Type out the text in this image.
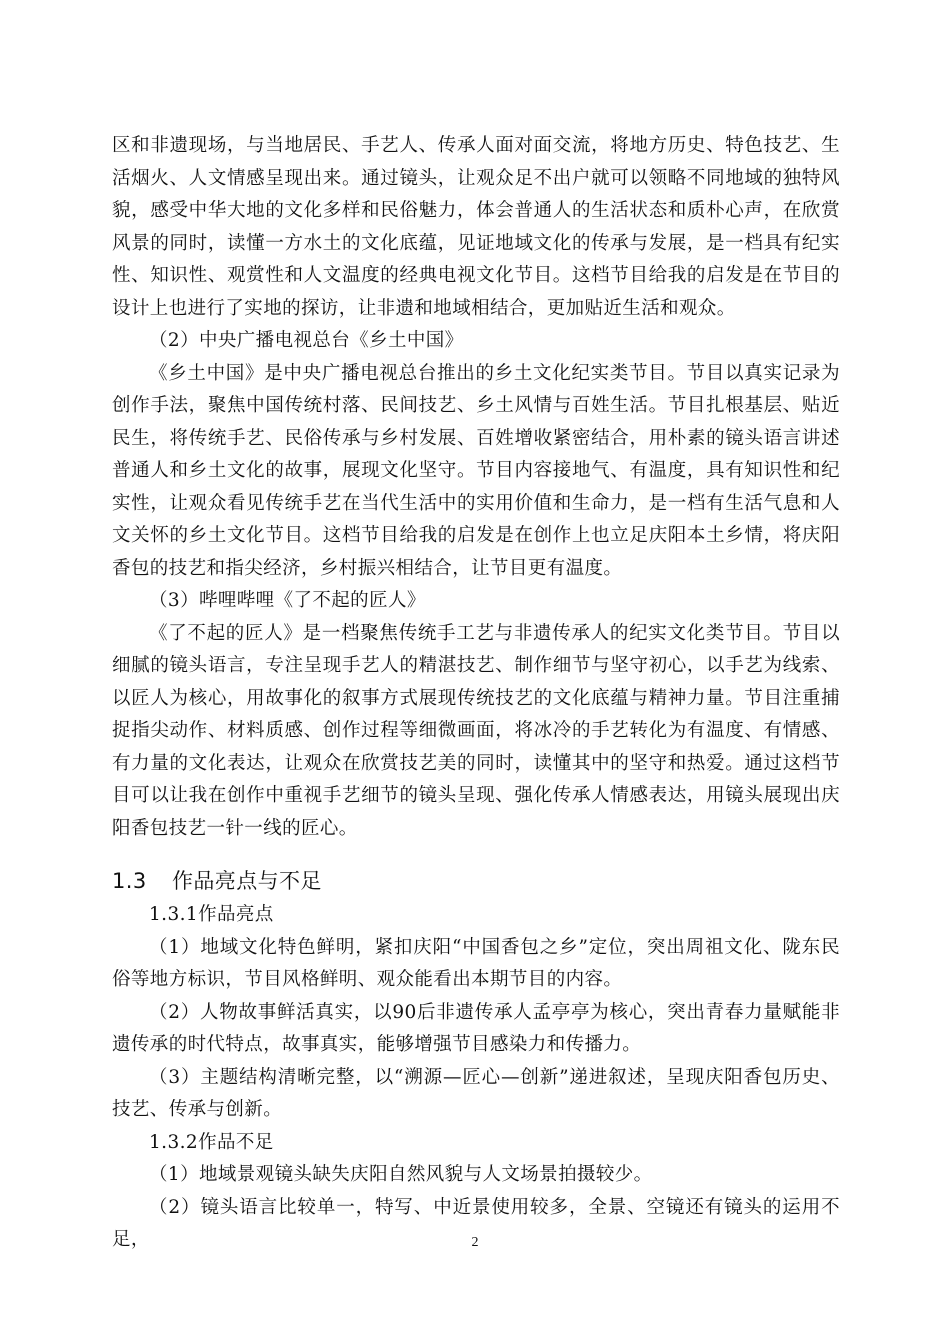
区和非遗现场，与当地居民、手艺人、传承人面对面交流，将地方历史、特色技艺、生活烟火、人文情感呈现出来。通过镜头，让观众足不出户就可以领略不同地域的独特风貌，感受中华大地的文化多样和民俗魅力，体会普通人的生活状态和质朴心声，在欣赏风景的同时，读懂一方水土的文化底蕴，见证地域文化的传承与发展，是一档具有纪实性、知识性、观赏性和人文温度的经典电视文化节目。这档节目给我的启发是在节目的设计上也进行了实地的探访，让非遗和地域相结合，更加贴近生活和观众。

（2）中央广播电视总台《乡土中国》

《乡土中国》是中央广播电视总台推出的乡土文化纪实类节目。节目以真实记录为创作手法，聚焦中国传统村落、民间技艺、乡土风情与百姓生活。节目扎根基层、贴近民生，将传统手艺、民俗传承与乡村发展、百姓增收紧密结合，用朴素的镜头语言讲述普通人和乡土文化的故事，展现文化坚守。节目内容接地气、有温度，具有知识性和纪实性，让观众看见传统手艺在当代生活中的实用价值和生命力，是一档有生活气息和人文关怀的乡土文化节目。这档节目给我的启发是在创作上也立足庆阳本土乡情，将庆阳香包的技艺和指尖经济，乡村振兴相结合，让节目更有温度。

（3）哔哩哔哩《了不起的匠人》

《了不起的匠人》是一档聚焦传统手工艺与非遗传承人的纪实文化类节目。节目以细腻的镜头语言，专注呈现手艺人的精湛技艺、制作细节与坚守初心，以手艺为线索、以匠人为核心，用故事化的叙事方式展现传统技艺的文化底蕴与精神力量。节目注重捕捉指尖动作、材料质感、创作过程等细微画面，将冰冷的手艺转化为有温度、有情感、有力量的文化表达，让观众在欣赏技艺美的同时，读懂其中的坚守和热爱。通过这档节目可以让我在创作中重视手艺细节的镜头呈现、强化传承人情感表达，用镜头展现出庆阳香包技艺一针一线的匠心。

1.3 作品亮点与不足

1.3.1作品亮点

（1）地域文化特色鲜明，紧扣庆阳“中国香包之乡”定位，突出周祖文化、陇东民俗等地方标识，节目风格鲜明、观众能看出本期节目的内容。

（2）人物故事鲜活真实，以90后非遗传承人孟亭亭为核心，突出青春力量赋能非遗传承的时代特点，故事真实，能够增强节目感染力和传播力。

（3）主题结构清晰完整，以“溯源—匠心—创新”递进叙述，呈现庆阳香包历史、技艺、传承与创新。

1.3.2作品不足

（1）地域景观镜头缺失庆阳自然风貌与人文场景拍摄较少。

（2）镜头语言比较单一，特写、中近景使用较多，全景、空镜还有镜头的运用不足，	2
